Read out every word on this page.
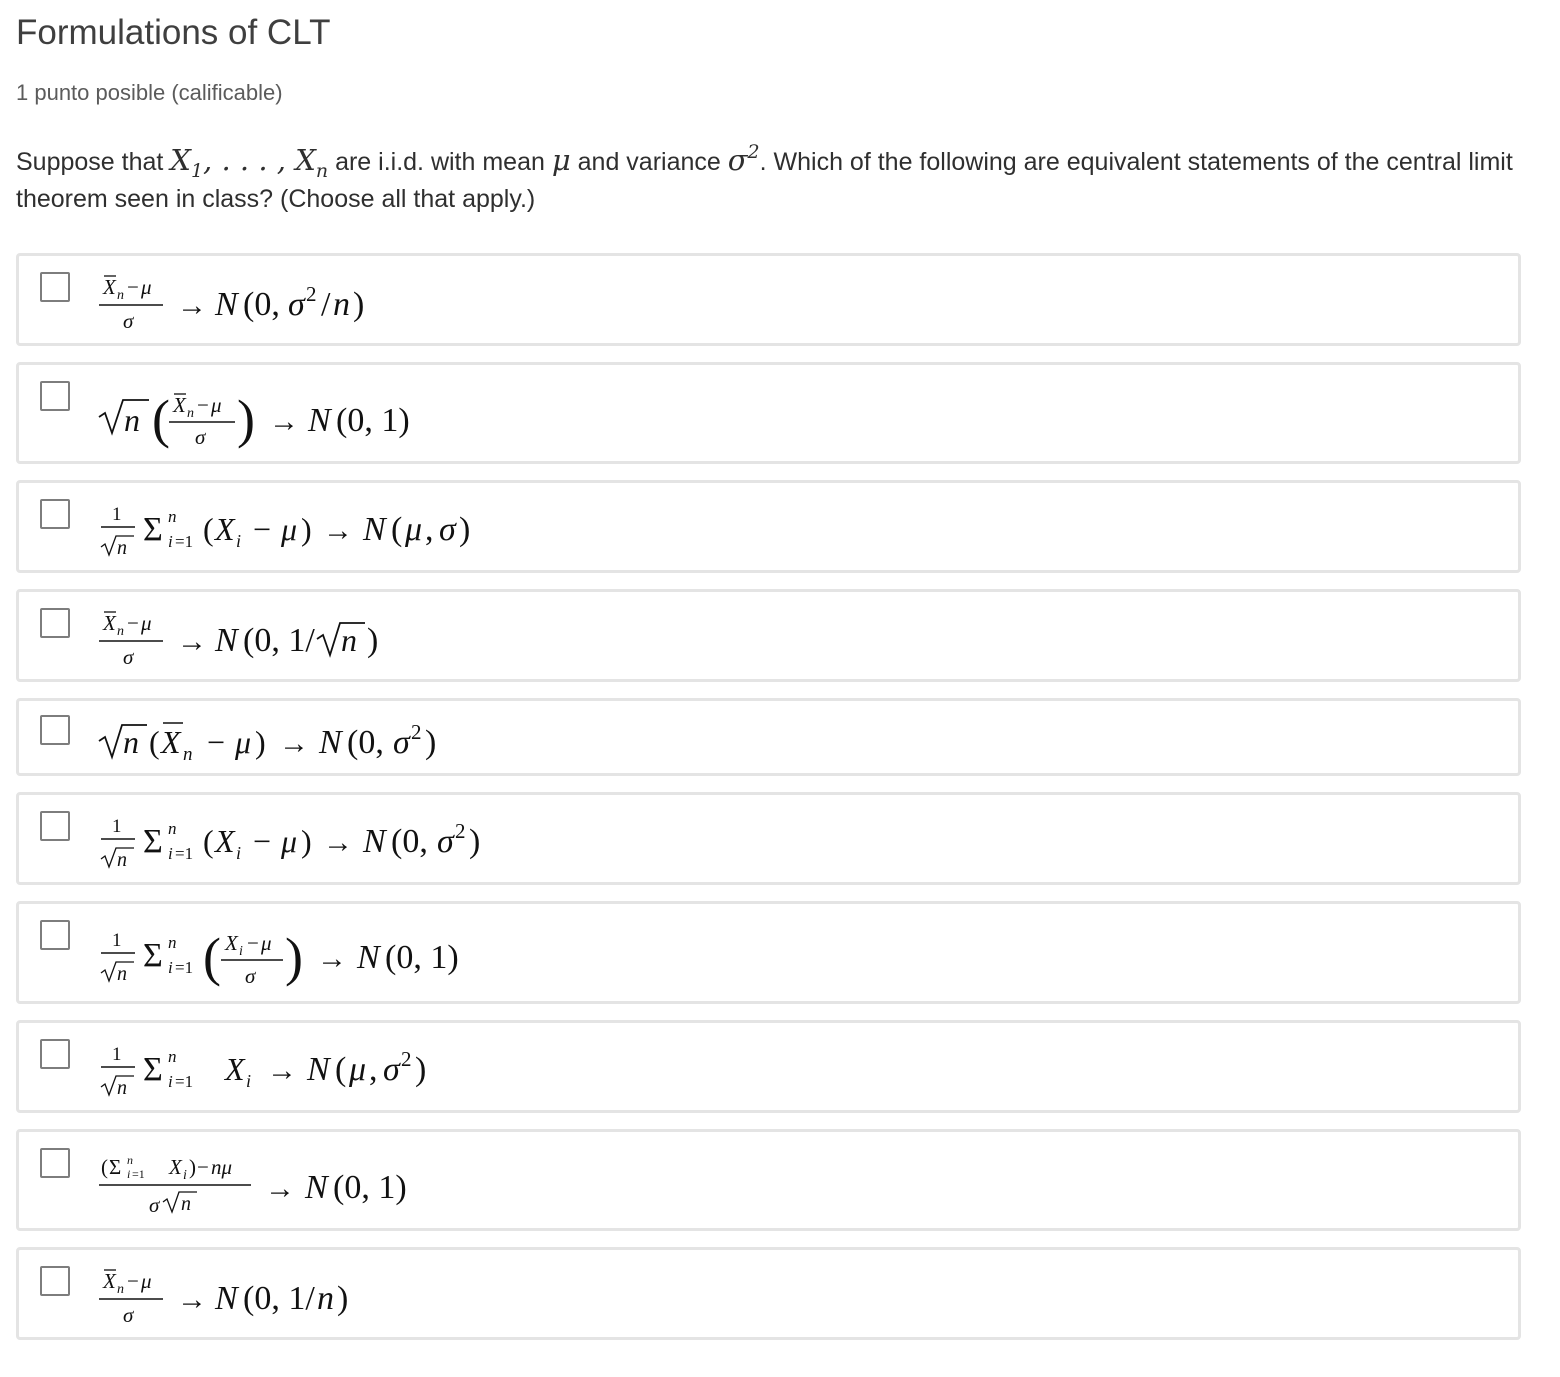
Formulations of CLT
1 punto posible (calificable)
Suppose that $X_1$, . . . , $X_n$ are i.i.d. with mean μ and variance $\sigma^2$. Which of the following are equivalent statements of the central limit theorem seen in class? (Choose all that apply.)
X n − μ
σ → N (0, σ 2 / n )
n ( X n − μ
σ ) → N (0, 1)
1
n Σ n
i =1 ( X i − μ ) → N ( μ , σ )
X n − μ
σ → N (0, 1/ n )
n ( X n − μ ) → N (0, σ 2 )
1
n Σ n
i =1 ( X i − μ ) → N (0, σ 2 )
1
n Σ n
i =1 ( X i − μ
σ ) → N (0, 1)
1
n Σ n
i =1 X i → N ( μ , σ 2 )
( Σ n
i =1 X i ) − nμ
σ n → N (0, 1)
X n − μ
σ → N (0, 1/ n )
